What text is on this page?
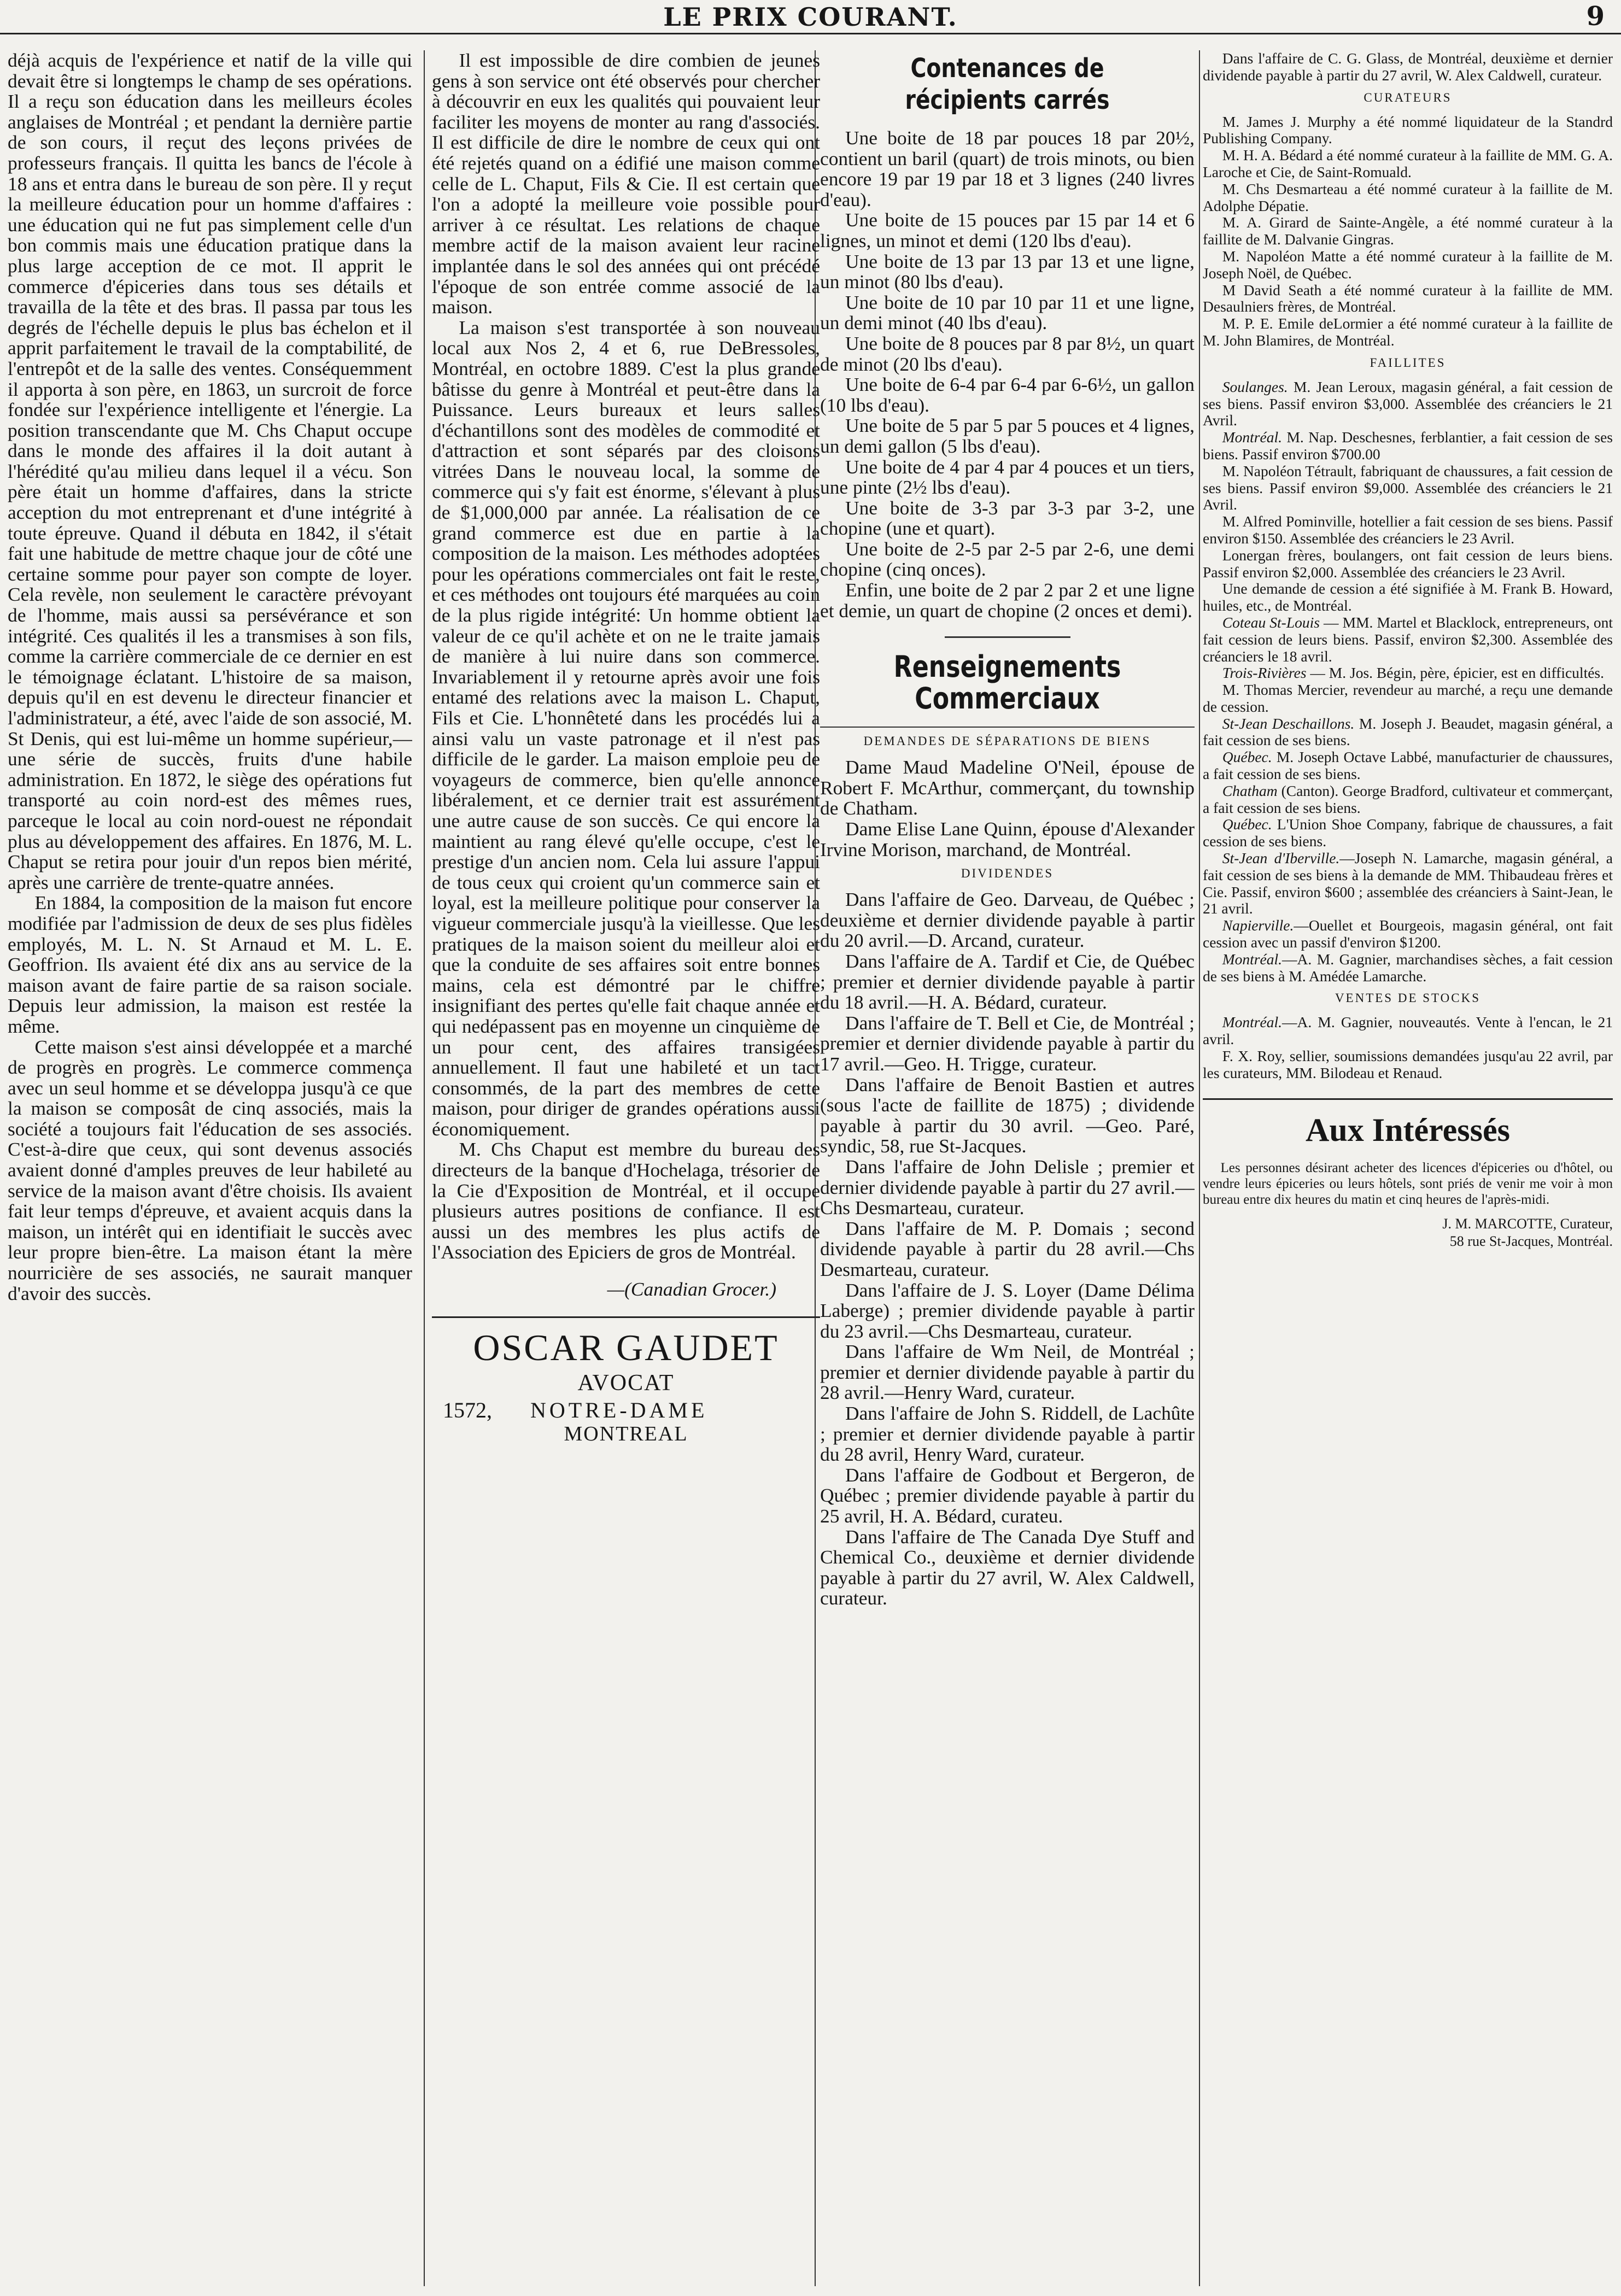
LE PRIX COURANT.	9

déjà acquis de l'expérience et natif de la ville qui devait être si longtemps le champ de ses opérations. Il a reçu son éducation dans les meilleurs écoles anglaises de Montréal ; et pendant la dernière partie de son cours, il reçut des leçons privées de professeurs français. Il quitta les bancs de l'école à 18 ans et entra dans le bureau de son père. Il y reçut la meilleure éducation pour un homme d'affaires : une éducation qui ne fut pas simplement celle d'un bon commis mais une éducation pratique dans la plus large acception de ce mot. Il apprit le commerce d'épiceries dans tous ses détails et travailla de la tête et des bras. Il passa par tous les degrés de l'échelle depuis le plus bas échelon et il apprit parfaitement le travail de la comptabilité, de l'entrepôt et de la salle des ventes. Conséquemment il apporta à son père, en 1863, un surcroit de force fondée sur l'expérience intelligente et l'énergie. La position transcendante que M. Chs Chaput occupe dans le monde des affaires il la doit autant à l'hérédité qu'au milieu dans lequel il a vécu. Son père était un homme d'affaires, dans la stricte acception du mot entreprenant et d'une intégrité à toute épreuve. Quand il débuta en 1842, il s'était fait une habitude de mettre chaque jour de côté une certaine somme pour payer son compte de loyer. Cela revèle, non seulement le caractère prévoyant de l'homme, mais aussi sa persévérance et son intégrité. Ces qualités il les a transmises à son fils, comme la carrière commerciale de ce dernier en est le témoignage éclatant. L'histoire de sa maison, depuis qu'il en est devenu le directeur financier et l'administrateur, a été, avec l'aide de son associé, M. St Denis, qui est lui-même un homme supérieur,—une série de succès, fruits d'une habile administration. En 1872, le siège des opérations fut transporté au coin nord-est des mêmes rues, parceque le local au coin nord-ouest ne répondait plus au développement des affaires. En 1876, M. L. Chaput se retira pour jouir d'un repos bien mérité, après une carrière de trente-quatre années.

En 1884, la composition de la maison fut encore modifiée par l'admission de deux de ses plus fidèles employés, M. L. N. St Arnaud et M. L. E. Geoffrion. Ils avaient été dix ans au service de la maison avant de faire partie de sa raison sociale. Depuis leur admission, la maison est restée la même.

Cette maison s'est ainsi développée et a marché de progrès en progrès. Le commerce commença avec un seul homme et se développa jusqu'à ce que la maison se composât de cinq associés, mais la société a toujours fait l'éducation de ses associés. C'est-à-dire que ceux, qui sont devenus associés avaient donné d'amples preuves de leur habileté au service de la maison avant d'être choisis. Ils avaient fait leur temps d'épreuve, et avaient acquis dans la maison, un intérêt qui en identifiait le succès avec leur propre bien-être. La maison étant la mère nourricière de ses associés, ne saurait manquer d'avoir des succès.

Il est impossible de dire combien de jeunes gens à son service ont été observés pour chercher à découvrir en eux les qualités qui pouvaient leur faciliter les moyens de monter au rang d'associés. Il est difficile de dire le nombre de ceux qui ont été rejetés quand on a édifié une maison comme celle de L. Chaput, Fils & Cie. Il est certain que l'on a adopté la meilleure voie possible pour arriver à ce résultat. Les relations de chaque membre actif de la maison avaient leur racine implantée dans le sol des années qui ont précédé l'époque de son entrée comme associé de la maison.

La maison s'est transportée à son nouveau local aux Nos 2, 4 et 6, rue DeBressoles, Montréal, en octobre 1889. C'est la plus grande bâtisse du genre à Montréal et peut-être dans la Puissance. Leurs bureaux et leurs salles d'échantillons sont des modèles de commodité et d'attraction et sont séparés par des cloisons vitrées Dans le nouveau local, la somme de commerce qui s'y fait est énorme, s'élevant à plus de $1,000,000 par année. La réalisation de ce grand commerce est due en partie à la composition de la maison. Les méthodes adoptées pour les opérations commerciales ont fait le reste, et ces méthodes ont toujours été marquées au coin de la plus rigide intégrité: Un homme obtient la valeur de ce qu'il achète et on ne le traite jamais de manière à lui nuire dans son commerce. Invariablement il y retourne après avoir une fois entamé des relations avec la maison L. Chaput, Fils et Cie. L'honnêteté dans les procédés lui a ainsi valu un vaste patronage et il n'est pas difficile de le garder. La maison emploie peu de voyageurs de commerce, bien qu'elle annonce libéralement, et ce dernier trait est assurément une autre cause de son succès. Ce qui encore la maintient au rang élevé qu'elle occupe, c'est le prestige d'un ancien nom. Cela lui assure l'appui de tous ceux qui croient qu'un commerce sain et loyal, est la meilleure politique pour conserver la vigueur commerciale jusqu'à la vieillesse. Que les pratiques de la maison soient du meilleur aloi et que la conduite de ses affaires soit entre bonnes mains, cela est démontré par le chiffre insignifiant des pertes qu'elle fait chaque année et qui nedépassent pas en moyenne un cinquième de un pour cent, des affaires transigées annuellement. Il faut une habileté et un tact consommés, de la part des membres de cette maison, pour diriger de grandes opérations aussi économiquement.

M. Chs Chaput est membre du bureau des directeurs de la banque d'Hochelaga, trésorier de la Cie d'Exposition de Montréal, et il occupe plusieurs autres positions de confiance. Il est aussi un des membres les plus actifs de l'Association des Epiciers de gros de Montréal.

—(Canadian Grocer.)
OSCAR GAUDET
AVOCAT
1572, NOTRE-DAME
MONTREAL
Contenances de récipients carrés

Une boite de 18 par pouces 18 par 20½, contient un baril (quart) de trois minots, ou bien encore 19 par 19 par 18 et 3 lignes (240 livres d'eau).

Une boite de 15 pouces par 15 par 14 et 6 lignes, un minot et demi (120 lbs d'eau).

Une boite de 13 par 13 par 13 et une ligne, un minot (80 lbs d'eau).

Une boite de 10 par 10 par 11 et une ligne, un demi minot (40 lbs d'eau).

Une boite de 8 pouces par 8 par 8½, un quart de minot (20 lbs d'eau).

Une boite de 6-4 par 6-4 par 6-6½, un gallon (10 lbs d'eau).

Une boite de 5 par 5 par 5 pouces et 4 lignes, un demi gallon (5 lbs d'eau).

Une boite de 4 par 4 par 4 pouces et un tiers, une pinte (2½ lbs d'eau).

Une boite de 3-3 par 3-3 par 3-2, une chopine (une et quart).

Une boite de 2-5 par 2-5 par 2-6, une demi chopine (cinq onces).

Enfin, une boite de 2 par 2 par 2 et une ligne et demie, un quart de chopine (2 onces et demi).

Renseignements Commerciaux
DEMANDES DE SÉPARATIONS DE BIENS

Dame Maud Madeline O'Neil, épouse de Robert F. McArthur, commerçant, du township de Chatham.

Dame Elise Lane Quinn, épouse d'Alexander Irvine Morison, marchand, de Montréal.

DIVIDENDES

Dans l'affaire de Geo. Darveau, de Québec ; deuxième et dernier dividende payable à partir du 20 avril.—D. Arcand, curateur.

Dans l'affaire de A. Tardif et Cie, de Québec ; premier et dernier dividende payable à partir du 18 avril.—H. A. Bédard, curateur.

Dans l'affaire de T. Bell et Cie, de Montréal ; premier et dernier dividende payable à partir du 17 avril.—Geo. H. Trigge, curateur.

Dans l'affaire de Benoit Bastien et autres (sous l'acte de faillite de 1875) ; dividende payable à partir du 30 avril. —Geo. Paré, syndic, 58, rue St-Jacques.

Dans l'affaire de John Delisle ; premier et dernier dividende payable à partir du 27 avril.—Chs Desmarteau, curateur.

Dans l'affaire de M. P. Domais ; second dividende payable à partir du 28 avril.—Chs Desmarteau, curateur.

Dans l'affaire de J. S. Loyer (Dame Délima Laberge) ; premier dividende payable à partir du 23 avril.—Chs Desmarteau, curateur.

Dans l'affaire de Wm Neil, de Montréal ; premier et dernier dividende payable à partir du 28 avril.—Henry Ward, curateur.

Dans l'affaire de John S. Riddell, de Lachûte ; premier et dernier dividende payable à partir du 28 avril, Henry Ward, curateur.

Dans l'affaire de Godbout et Bergeron, de Québec ; premier dividende payable à partir du 25 avril, H. A. Bédard, curateu.

Dans l'affaire de The Canada Dye Stuff and Chemical Co., deuxième et dernier dividende payable à partir du 27 avril, W. Alex Caldwell, curateur.

Dans l'affaire de C. G. Glass, de Montréal, deuxième et dernier dividende payable à partir du 27 avril, W. Alex Caldwell, curateur.

CURATEURS

M. James J. Murphy a été nommé liquidateur de la Standrd Publishing Company.

M. H. A. Bédard a été nommé curateur à la faillite de MM. G. A. Laroche et Cie, de Saint-Romuald.

M. Chs Desmarteau a été nommé curateur à la faillite de M. Adolphe Dépatie.

M. A. Girard de Sainte-Angèle, a été nommé curateur à la faillite de M. Dalvanie Gingras.

M. Napoléon Matte a été nommé curateur à la faillite de M. Joseph Noël, de Québec.

M David Seath a été nommé curateur à la faillite de MM. Desaulniers frères, de Montréal.

M. P. E. Emile deLormier a été nommé curateur à la faillite de M. John Blamires, de Montréal.

FAILLITES

Soulanges. M. Jean Leroux, magasin général, a fait cession de ses biens. Passif environ $3,000. Assemblée des créanciers le 21 Avril.

Montréal. M. Nap. Deschesnes, ferblantier, a fait cession de ses biens. Passif environ $700.00

M. Napoléon Tétrault, fabriquant de chaussures, a fait cession de ses biens. Passif environ $9,000. Assemblée des créanciers le 21 Avril.

M. Alfred Pominville, hotellier a fait cession de ses biens. Passif environ $150. Assemblée des créanciers le 23 Avril.

Lonergan frères, boulangers, ont fait cession de leurs biens. Passif environ $2,000. Assemblée des créanciers le 23 Avril.

Une demande de cession a été signifiée à M. Frank B. Howard, huiles, etc., de Montréal.

Coteau St-Louis — MM. Martel et Blacklock, entrepreneurs, ont fait cession de leurs biens. Passif, environ $2,300. Assemblée des créanciers le 18 avril.

Trois-Rivières — M. Jos. Bégin, père, épicier, est en difficultés.

M. Thomas Mercier, revendeur au marché, a reçu une demande de cession.

St-Jean Deschaillons. M. Joseph J. Beaudet, magasin général, a fait cession de ses biens.

Québec. M. Joseph Octave Labbé, manufacturier de chaussures, a fait cession de ses biens.

Chatham (Canton). George Bradford, cultivateur et commerçant, a fait cession de ses biens.

Québec. L'Union Shoe Company, fabrique de chaussures, a fait cession de ses biens.

St-Jean d'Iberville.—Joseph N. Lamarche, magasin général, a fait cession de ses biens à la demande de MM. Thibaudeau frères et Cie. Passif, environ $600 ; assemblée des créanciers à Saint-Jean, le 21 avril.

Napierville.—Ouellet et Bourgeois, magasin général, ont fait cession avec un passif d'environ $1200.

Montréal.—A. M. Gagnier, marchandises sèches, a fait cession de ses biens à M. Amédée Lamarche.

VENTES DE STOCKS

Montréal.—A. M. Gagnier, nouveautés. Vente à l'encan, le 21 avril.

F. X. Roy, sellier, soumissions demandées jusqu'au 22 avril, par les curateurs, MM. Bilodeau et Renaud.

Aux Intéressés

Les personnes désirant acheter des licences d'épiceries ou d'hôtel, ou vendre leurs épiceries ou leurs hôtels, sont priés de venir me voir à mon bureau entre dix heures du matin et cinq heures de l'après-midi.

J. M. MARCOTTE, Curateur,
58 rue St-Jacques, Montréal.
